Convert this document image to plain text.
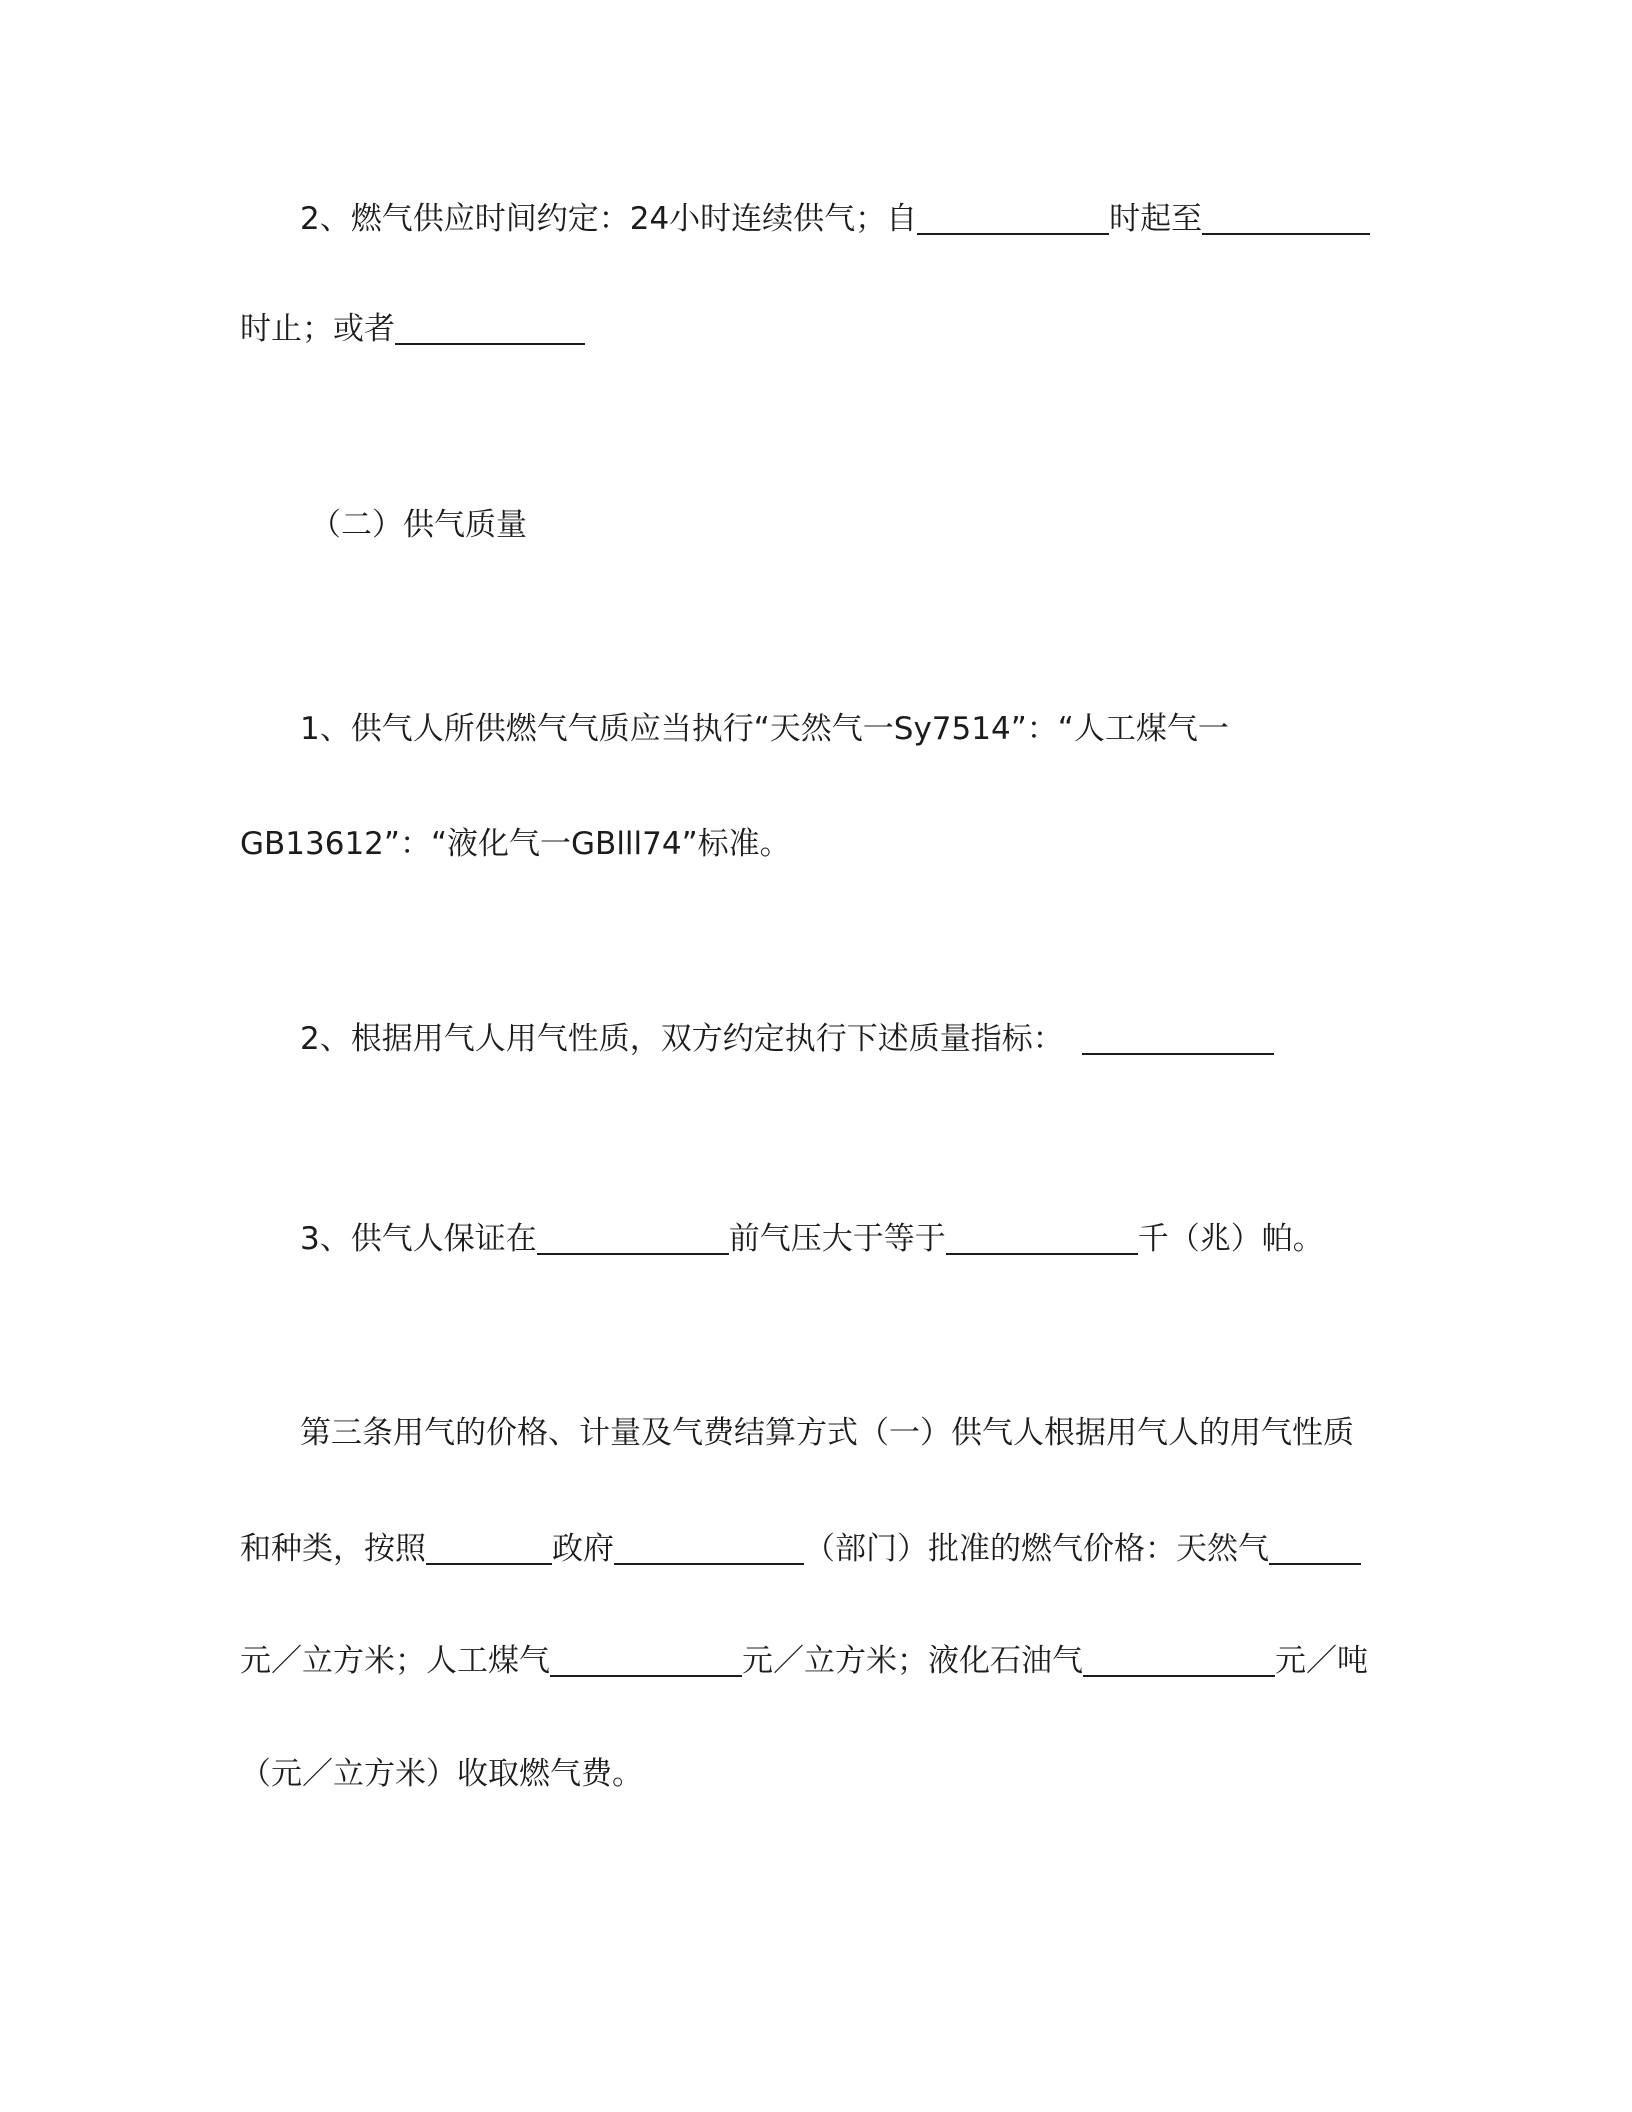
2、燃气供应时间约定：24小时连续供气；自	时起至
时止；或者
（二）供气质量
1、供气人所供燃气气质应当执行“天然气一Sy7514”：“人工煤气一
GB13612”：“液化气一GBlll74”标准。
2、根据用气人用气性质，双方约定执行下述质量指标：
3、供气人保证在	前气压大于等于	千（兆）帕。
第三条用气的价格、计量及气费结算方式（一）供气人根据用气人的用气性质
和种类，按照	政府	（部门）批准的燃气价格：天然气
元／立方米；人工煤气	元／立方米；液化石油气	元／吨
（元／立方米）收取燃气费。
